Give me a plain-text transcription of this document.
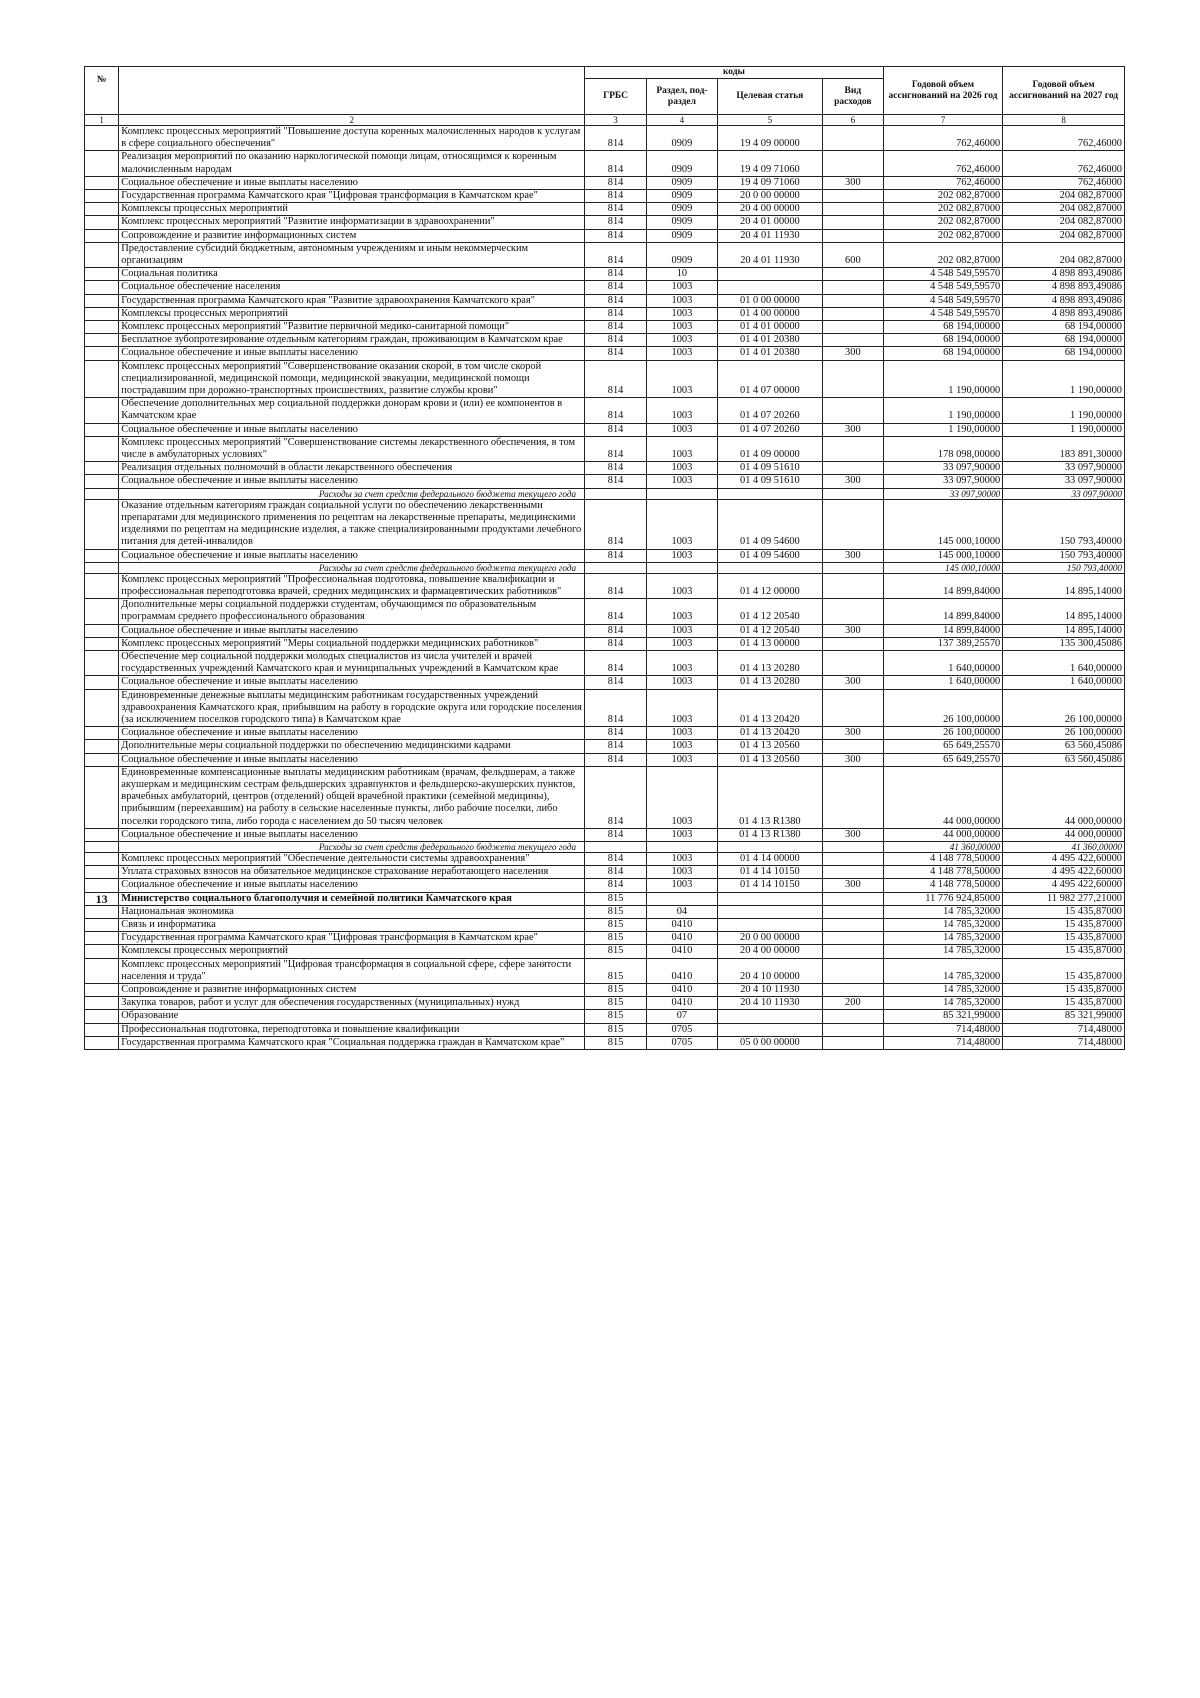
№		коды				Годовой объем ассигнований на 2026 год	Годовой объем ассигнований на 2027 год
		ГРБС	Раздел, под-раздел	Целевая статья	Вид расходов		
1	2	3	4	5	6	7	8
	Комплекс процессных мероприятий "Повышение доступа коренных малочисленных народов к услугам в сфере социального обеспечения"	814	0909	19 4 09 00000		762,46000	762,46000
	Реализация мероприятий по оказанию наркологической помощи лицам, относящимся к коренным малочисленным народам	814	0909	19 4 09 71060		762,46000	762,46000
	Социальное обеспечение и иные выплаты населению	814	0909	19 4 09 71060	300	762,46000	762,46000
	Государственная программа Камчатского края "Цифровая трансформация в Камчатском крае"	814	0909	20 0 00 00000		202 082,87000	204 082,87000
	Комплексы процессных мероприятий	814	0909	20 4 00 00000		202 082,87000	204 082,87000
	Комплекс процессных мероприятий "Развитие информатизации в здравоохранении"	814	0909	20 4 01 00000		202 082,87000	204 082,87000
	Сопровождение и развитие информационных систем	814	0909	20 4 01 11930		202 082,87000	204 082,87000
	Предоставление субсидий бюджетным, автономным учреждениям и иным некоммерческим организациям	814	0909	20 4 01 11930	600	202 082,87000	204 082,87000
	Социальная политика	814	10			4 548 549,59570	4 898 893,49086
	Социальное обеспечение населения	814	1003			4 548 549,59570	4 898 893,49086
	Государственная программа Камчатского края "Развитие здравоохранения Камчатского края"	814	1003	01 0 00 00000		4 548 549,59570	4 898 893,49086
	Комплексы процессных мероприятий	814	1003	01 4 00 00000		4 548 549,59570	4 898 893,49086
	Комплекс процессных мероприятий "Развитие первичной медико-санитарной помощи"	814	1003	01 4 01 00000		68 194,00000	68 194,00000
	Бесплатное зубопротезирование отдельным категориям граждан, проживающим в Камчатском крае	814	1003	01 4 01 20380		68 194,00000	68 194,00000
	Социальное обеспечение и иные выплаты населению	814	1003	01 4 01 20380	300	68 194,00000	68 194,00000
	Комплекс процессных мероприятий "Совершенствование оказания скорой, в том числе скорой специализированной, медицинской помощи, медицинской эвакуации, медицинской помощи пострадавшим при дорожно-транспортных происшествиях, развитие службы крови"	814	1003	01 4 07 00000		1 190,00000	1 190,00000
	Обеспечение дополнительных мер социальной поддержки донорам крови и (или) ее компонентов в Камчатском крае	814	1003	01 4 07 20260		1 190,00000	1 190,00000
	Социальное обеспечение и иные выплаты населению	814	1003	01 4 07 20260	300	1 190,00000	1 190,00000
	Комплекс процессных мероприятий "Совершенствование системы лекарственного обеспечения, в том числе в амбулаторных условиях"	814	1003	01 4 09 00000		178 098,00000	183 891,30000
	Реализация отдельных полномочий в области лекарственного обеспечения	814	1003	01 4 09 51610		33 097,90000	33 097,90000
	Социальное обеспечение и иные выплаты населению	814	1003	01 4 09 51610	300	33 097,90000	33 097,90000
	Расходы за счет средств федерального бюджета текущего года					33 097,90000	33 097,90000
	Оказание отдельным категориям граждан социальной услуги по обеспечению лекарственными препаратами для медицинского применения по рецептам на лекарственные препараты, медицинскими изделиями по рецептам на медицинские изделия, а также специализированными продуктами лечебного питания для детей-инвалидов	814	1003	01 4 09 54600		145 000,10000	150 793,40000
	Социальное обеспечение и иные выплаты населению	814	1003	01 4 09 54600	300	145 000,10000	150 793,40000
	Расходы за счет средств федерального бюджета текущего года					145 000,10000	150 793,40000
	Комплекс процессных мероприятий "Профессиональная подготовка, повышение квалификации и профессиональная переподготовка врачей, средних медицинских и фармацевтических работников"	814	1003	01 4 12 00000		14 899,84000	14 895,14000
	Дополнительные меры социальной поддержки студентам, обучающимся по образовательным программам среднего профессионального образования	814	1003	01 4 12 20540		14 899,84000	14 895,14000
	Социальное обеспечение и иные выплаты населению	814	1003	01 4 12 20540	300	14 899,84000	14 895,14000
	Комплекс процессных мероприятий "Меры социальной поддержки медицинских работников"	814	1003	01 4 13 00000		137 389,25570	135 300,45086
	Обеспечение мер социальной поддержки молодых специалистов из числа учителей и врачей государственных учреждений Камчатского края и муниципальных учреждений в Камчатском крае	814	1003	01 4 13 20280		1 640,00000	1 640,00000
	Социальное обеспечение и иные выплаты населению	814	1003	01 4 13 20280	300	1 640,00000	1 640,00000
	Единовременные денежные выплаты медицинским работникам государственных учреждений здравоохранения Камчатского края, прибывшим на работу в городские округа или городские поселения (за исключением поселков городского типа) в Камчатском крае	814	1003	01 4 13 20420		26 100,00000	26 100,00000
	Социальное обеспечение и иные выплаты населению	814	1003	01 4 13 20420	300	26 100,00000	26 100,00000
	Дополнительные меры социальной поддержки по обеспечению медицинскими кадрами	814	1003	01 4 13 20560		65 649,25570	63 560,45086
	Социальное обеспечение и иные выплаты населению	814	1003	01 4 13 20560	300	65 649,25570	63 560,45086
	Единовременные компенсационные выплаты медицинским работникам (врачам, фельдшерам, а также акушеркам и медицинским сестрам фельдшерских здравпунктов и фельдшерско-акушерских пунктов, врачебных амбулаторий, центров (отделений) общей врачебной практики (семейной медицины), прибывшим (переехавшим) на работу в сельские населенные пункты, либо рабочие поселки, либо поселки городского типа, либо города с населением до 50 тысяч человек	814	1003	01 4 13 R1380		44 000,00000	44 000,00000
	Социальное обеспечение и иные выплаты населению	814	1003	01 4 13 R1380	300	44 000,00000	44 000,00000
	Расходы за счет средств федерального бюджета текущего года					41 360,00000	41 360,00000
	Комплекс процессных мероприятий "Обеспечение деятельности системы здравоохранения"	814	1003	01 4 14 00000		4 148 778,50000	4 495 422,60000
	Уплата страховых взносов на обязательное медицинское страхование неработающего населения	814	1003	01 4 14 10150		4 148 778,50000	4 495 422,60000
	Социальное обеспечение и иные выплаты населению	814	1003	01 4 14 10150	300	4 148 778,50000	4 495 422,60000
13	Министерство социального благополучия и семейной политики Камчатского края	815				11 776 924,85000	11 982 277,21000
	Национальная экономика	815	04			14 785,32000	15 435,87000
	Связь и информатика	815	0410			14 785,32000	15 435,87000
	Государственная программа Камчатского края "Цифровая трансформация в Камчатском крае"	815	0410	20 0 00 00000		14 785,32000	15 435,87000
	Комплексы процессных мероприятий	815	0410	20 4 00 00000		14 785,32000	15 435,87000
	Комплекс процессных мероприятий "Цифровая трансформация в социальной сфере, сфере занятости населения и труда"	815	0410	20 4 10 00000		14 785,32000	15 435,87000
	Сопровождение и развитие информационных систем	815	0410	20 4 10 11930		14 785,32000	15 435,87000
	Закупка товаров, работ и услуг для обеспечения государственных (муниципальных) нужд	815	0410	20 4 10 11930	200	14 785,32000	15 435,87000
	Образование	815	07			85 321,99000	85 321,99000
	Профессиональная подготовка, переподготовка и повышение квалификации	815	0705			714,48000	714,48000
	Государственная программа Камчатского края "Социальная поддержка граждан в Камчатском крае"	815	0705	05 0 00 00000		714,48000	714,48000
